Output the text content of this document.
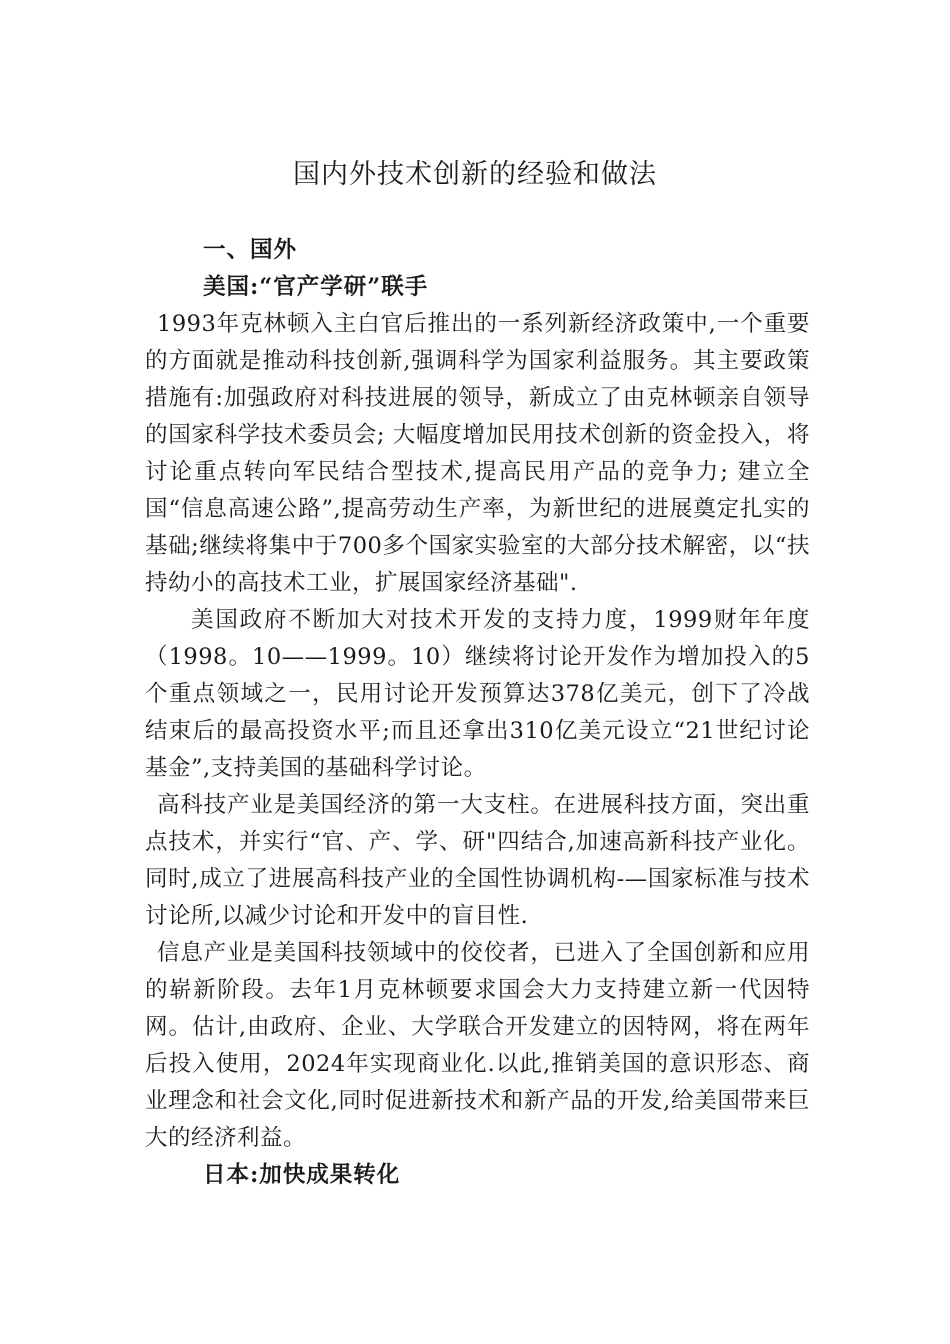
国内外技术创新的经验和做法
一、国外
美国:“官产学研”联手

1993年克林顿入主白官后推出的一系列新经济政策中,一个重要的方面就是推动科技创新,强调科学为国家利益服务。其主要政策措施有:加强政府对科技进展的领导，新成立了由克林顿亲自领导的国家科学技术委员会; 大幅度增加民用技术创新的资金投入，将讨论重点转向军民结合型技术,提高民用产品的竞争力; 建立全国“信息高速公路”,提高劳动生产率，为新世纪的进展奠定扎实的基础;继续将集中于700多个国家实验室的大部分技术解密，以“扶持幼小的高技术工业，扩展国家经济基础".

美国政府不断加大对技术开发的支持力度，1999财年年度（1998。10——1999。10）继续将讨论开发作为增加投入的5个重点领域之一，民用讨论开发预算达378亿美元，创下了冷战结束后的最高投资水平;而且还拿出310亿美元设立“21世纪讨论基金”,支持美国的基础科学讨论。

高科技产业是美国经济的第一大支柱。在进展科技方面，突出重点技术，并实行“官、产、学、研"四结合,加速高新科技产业化。同时,成立了进展高科技产业的全国性协调机构-—国家标准与技术讨论所,以减少讨论和开发中的盲目性.

信息产业是美国科技领域中的佼佼者，已进入了全国创新和应用的崭新阶段。去年1月克林顿要求国会大力支持建立新一代因特网。估计,由政府、企业、大学联合开发建立的因特网，将在两年后投入使用，2024年实现商业化.以此,推销美国的意识形态、商业理念和社会文化,同时促进新技术和新产品的开发,给美国带来巨大的经济利益。

日本:加快成果转化
